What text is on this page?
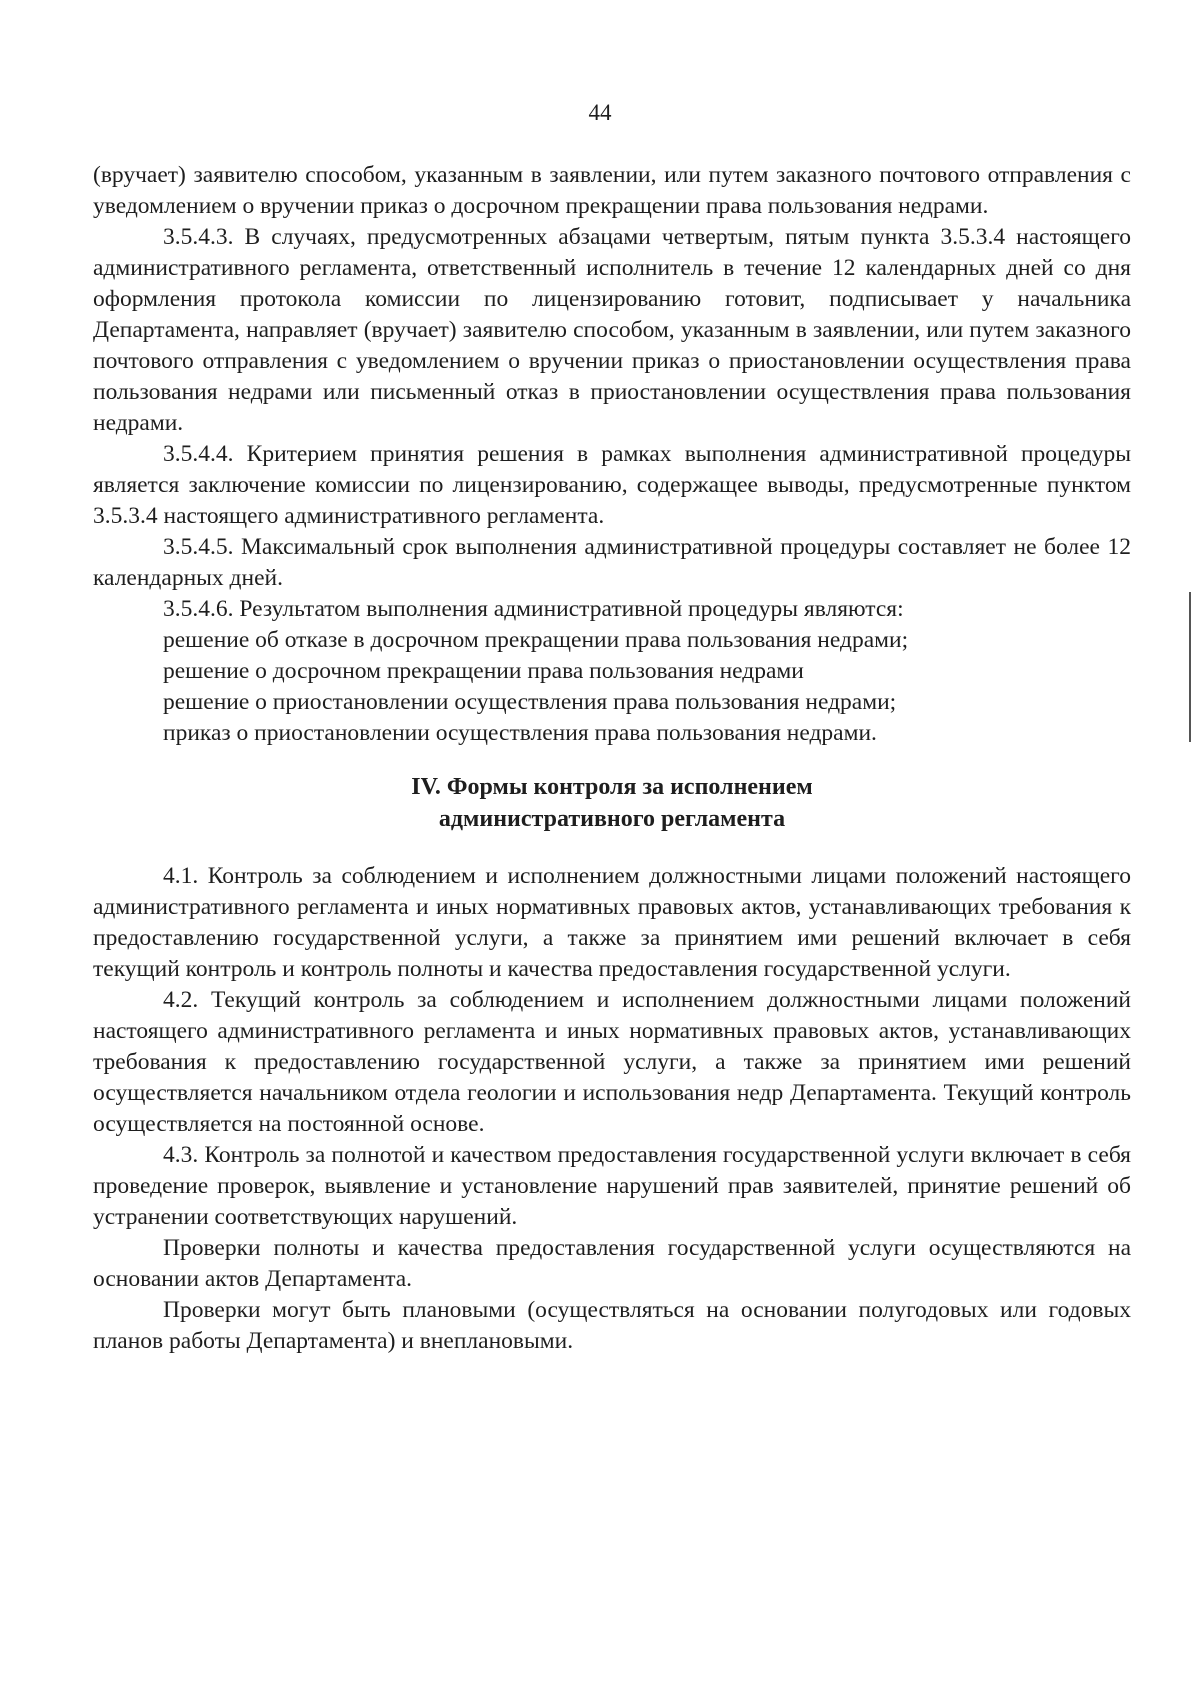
44

(вручает) заявителю способом, указанным в заявлении, или путем заказного почтового отправления с уведомлением о вручении приказ о досрочном прекращении права пользования недрами.

3.5.4.3. В случаях, предусмотренных абзацами четвертым, пятым пункта 3.5.3.4 настоящего административного регламента, ответственный исполнитель в течение 12 календарных дней со дня оформления протокола комиссии по лицензированию готовит, подписывает у начальника Департамента, направляет (вручает) заявителю способом, указанным в заявлении, или путем заказного почтового отправления с уведомлением о вручении приказ о приостановлении осуществления права пользования недрами или письменный отказ в приостановлении осуществления права пользования недрами.

3.5.4.4. Критерием принятия решения в рамках выполнения административной процедуры является заключение комиссии по лицензированию, содержащее выводы, предусмотренные пунктом 3.5.3.4 настоящего административного регламента.

3.5.4.5. Максимальный срок выполнения административной процедуры составляет не более 12 календарных дней.

3.5.4.6. Результатом выполнения административной процедуры являются:

решение об отказе в досрочном прекращении права пользования недрами;

решение о досрочном прекращении права пользования недрами

решение о приостановлении осуществления права пользования недрами;

приказ о приостановлении осуществления права пользования недрами.

IV. Формы контроля за исполнением
административного регламента

4.1. Контроль за соблюдением и исполнением должностными лицами положений настоящего административного регламента и иных нормативных правовых актов, устанавливающих требования к предоставлению государственной услуги, а также за принятием ими решений включает в себя текущий контроль и контроль полноты и качества предоставления государственной услуги.

4.2. Текущий контроль за соблюдением и исполнением должностными лицами положений настоящего административного регламента и иных нормативных правовых актов, устанавливающих требования к предоставлению государственной услуги, а также за принятием ими решений осуществляется начальником отдела геологии и использования недр Департамента. Текущий контроль осуществляется на постоянной основе.

4.3. Контроль за полнотой и качеством предоставления государственной услуги включает в себя проведение проверок, выявление и установление нарушений прав заявителей, принятие решений об устранении соответствующих нарушений.

Проверки полноты и качества предоставления государственной услуги осуществляются на основании актов Департамента.

Проверки могут быть плановыми (осуществляться на основании полугодовых или годовых планов работы Департамента) и внеплановыми.
